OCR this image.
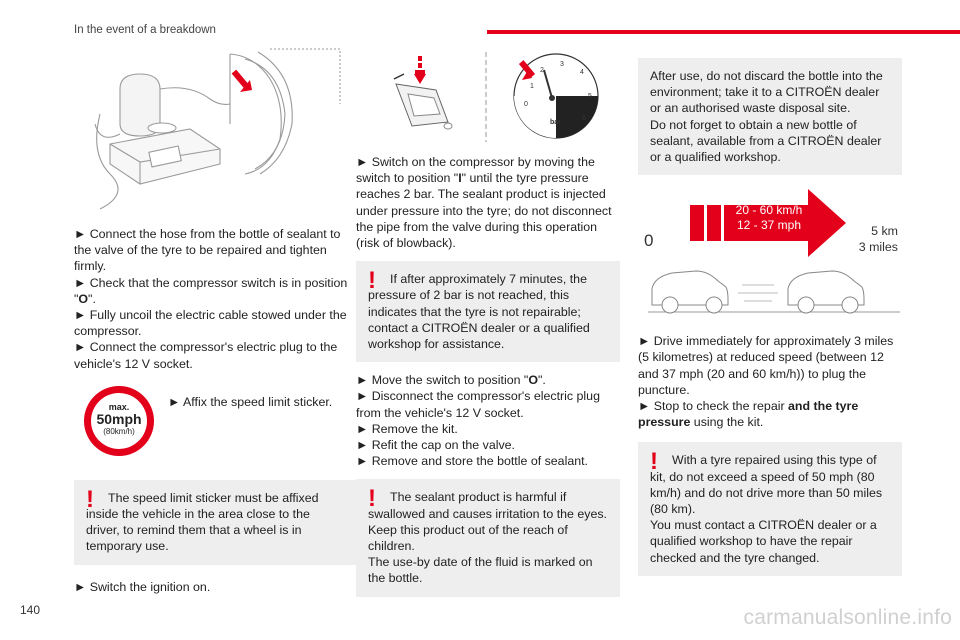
In the event of a breakdown

► Connect the hose from the bottle of sealant to the valve of the tyre to be repaired and tighten firmly.

► Check that the compressor switch is in position "O".

► Fully uncoil the electric cable stowed under the compressor.

► Connect the compressor's electric plug to the vehicle's 12 V socket.

max.
50mph
(80km/h)

► Affix the speed limit sticker.

!	The speed limit sticker must be affixed inside the vehicle in the area close to the driver, to remind them that a wheel is in temporary use.

► Switch the ignition on.

1
2
3
4
5
6
0
bar

► Switch on the compressor by moving the switch to position "I" until the tyre pressure reaches 2 bar. The sealant product is injected under pressure into the tyre; do not disconnect the pipe from the valve during this operation (risk of blowback).

!	If after approximately 7 minutes, the pressure of 2 bar is not reached, this indicates that the tyre is not repairable; contact a CITROËN dealer or a qualified workshop for assistance.

► Move the switch to position "O".

► Disconnect the compressor's electric plug from the vehicle's 12 V socket.

► Remove the kit.

► Refit the cap on the valve.

► Remove and store the bottle of sealant.

!	The sealant product is harmful if swallowed and causes irritation to the eyes.

Keep this product out of the reach of children.

The use-by date of the fluid is marked on the bottle.

After use, do not discard the bottle into the environment; take it to a CITROËN dealer or an authorised waste disposal site.

Do not forget to obtain a new bottle of sealant, available from a CITROËN dealer or a qualified workshop.

20 - 60 km/h
12 - 37 mph
0	5 km
3 miles

► Drive immediately for approximately 3 miles (5 kilometres) at reduced speed (between 12 and 37 mph (20 and 60 km/h)) to plug the puncture.

► Stop to check the repair and the tyre pressure using the kit.

!	With a tyre repaired using this type of kit, do not exceed a speed of 50 mph (80 km/h) and do not drive more than 50 miles (80 km).

You must contact a CITROËN dealer or a qualified workshop to have the repair checked and the tyre changed.

140	carmanualsonline.info
